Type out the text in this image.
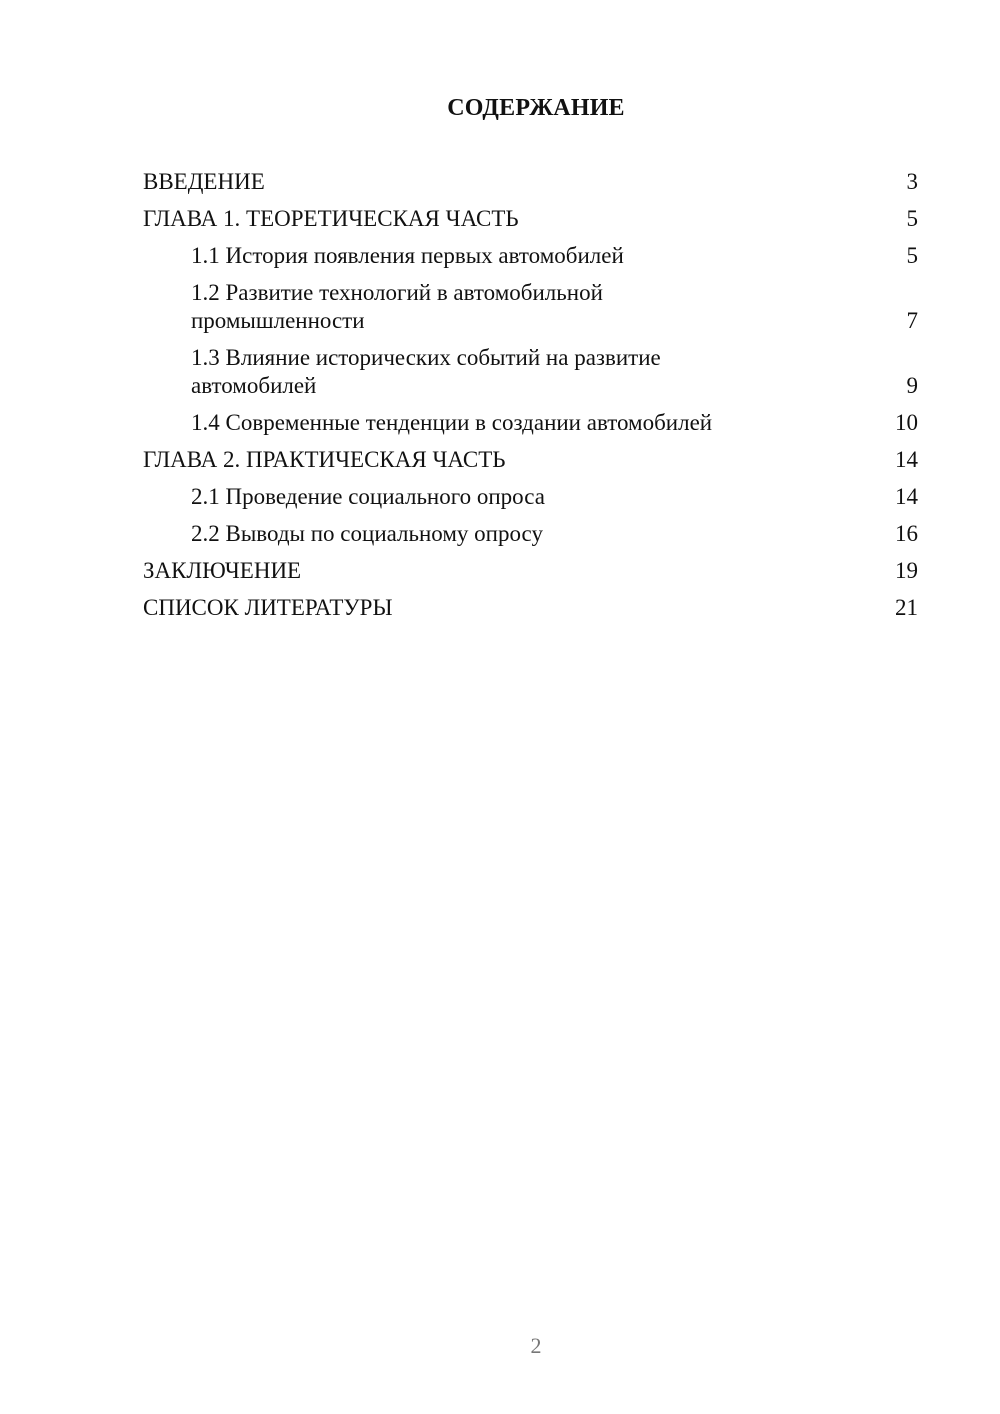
СОДЕРЖАНИЕ
ВВЕДЕНИЕ	3
ГЛАВА 1. ТЕОРЕТИЧЕСКАЯ ЧАСТЬ	5
1.1 История появления первых автомобилей	5
1.2 Развитие технологий в автомобильной промышленности	7
1.3 Влияние исторических событий на развитие автомобилей	9
1.4 Современные тенденции в создании автомобилей	10
ГЛАВА 2. ПРАКТИЧЕСКАЯ ЧАСТЬ	14
2.1 Проведение социального опроса	14
2.2 Выводы по социальному опросу	16
ЗАКЛЮЧЕНИЕ	19
СПИСОК ЛИТЕРАТУРЫ	21
2
